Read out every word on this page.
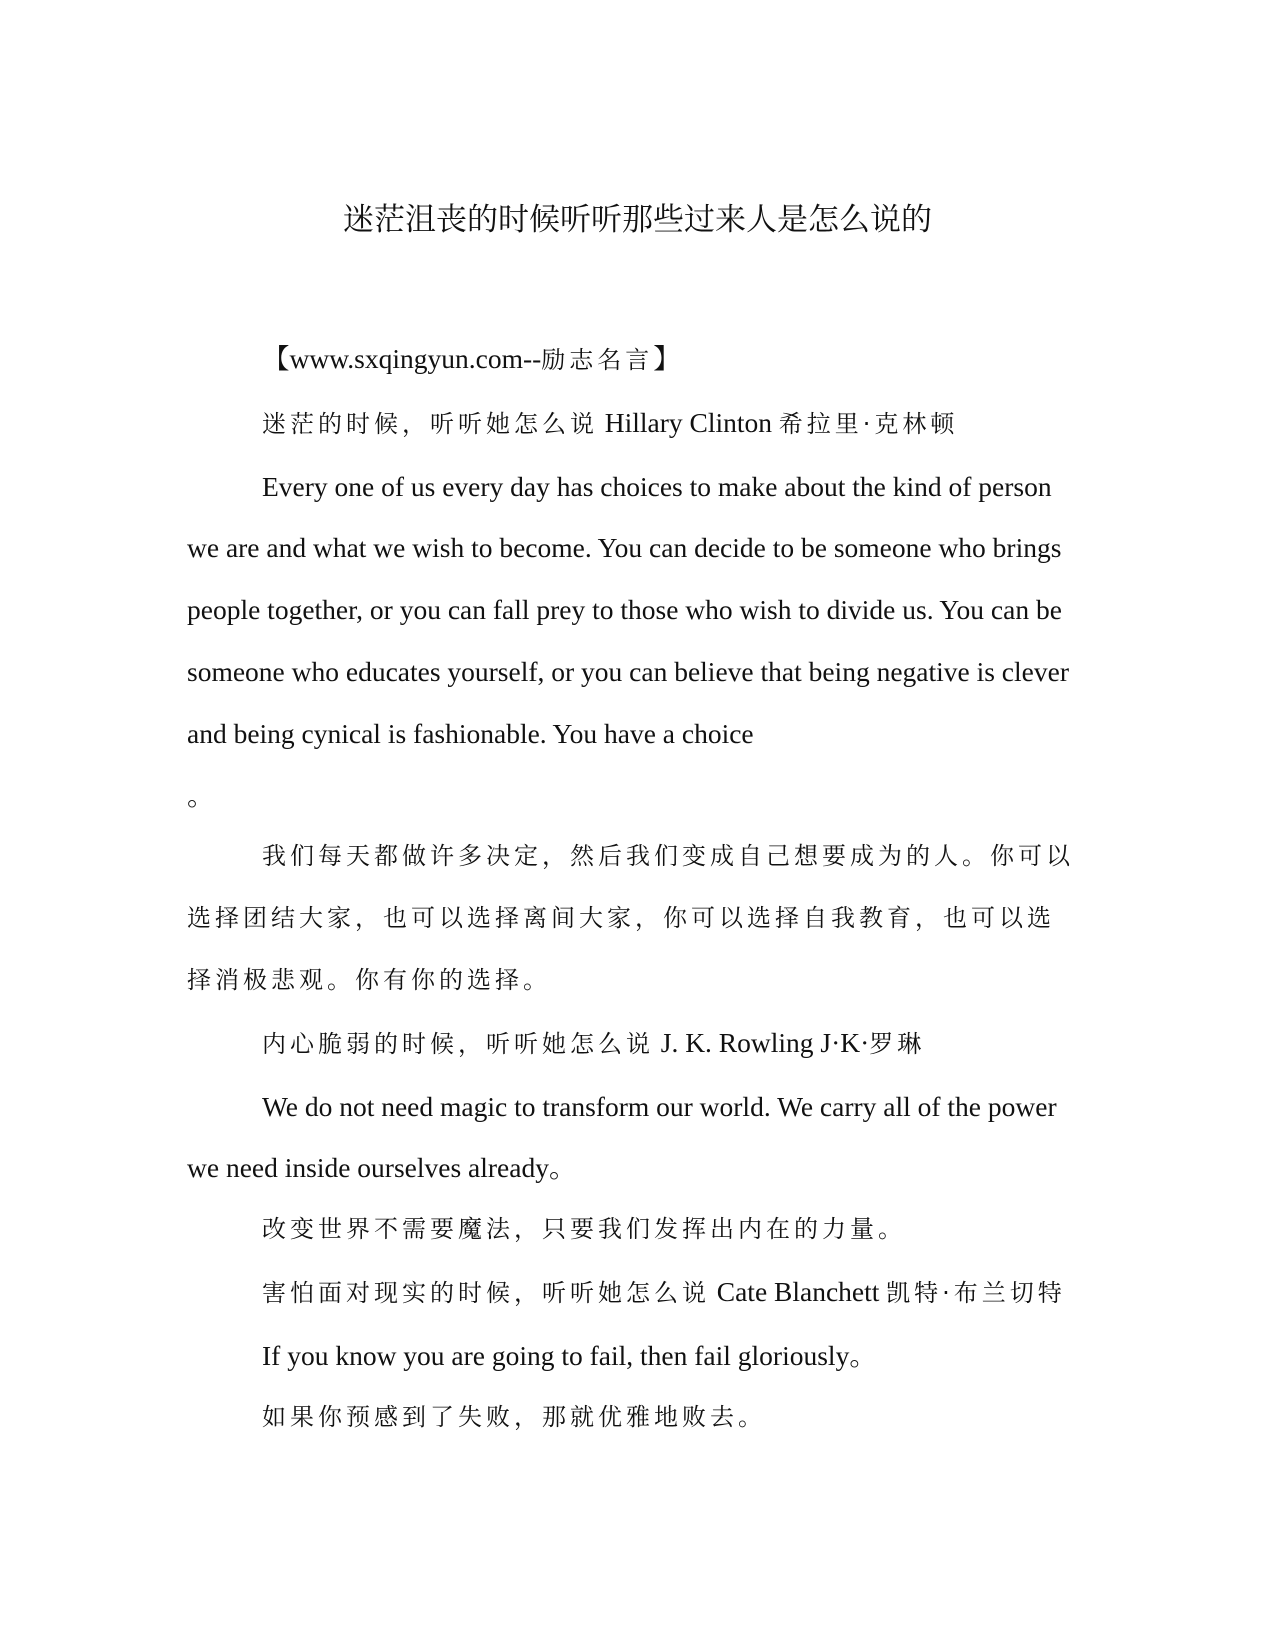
迷茫沮丧的时候听听那些过来人是怎么说的

【www.sxqingyun.com--励志名言】

迷茫的时候，听听她怎么说 Hillary Clinton 希拉里·克林顿

Every one of us every day has choices to make about the kind of person we are and what we wish to become. You can decide to be someone who brings people together, or you can fall prey to those who wish to divide us. You can be someone who educates yourself, or you can believe that being negative is clever and being cynical is fashionable. You have a choice
。

我们每天都做许多决定，然后我们变成自己想要成为的人。你可以选择团结大家，也可以选择离间大家，你可以选择自我教育，也可以选择消极悲观。你有你的选择。

内心脆弱的时候，听听她怎么说 J. K. Rowling J·K·罗琳

We do not need magic to transform our world. We carry all of the power we need inside ourselves already。

改变世界不需要魔法，只要我们发挥出内在的力量。

害怕面对现实的时候，听听她怎么说 Cate Blanchett 凯特·布兰切特

If you know you are going to fail, then fail gloriously。

如果你预感到了失败，那就优雅地败去。
